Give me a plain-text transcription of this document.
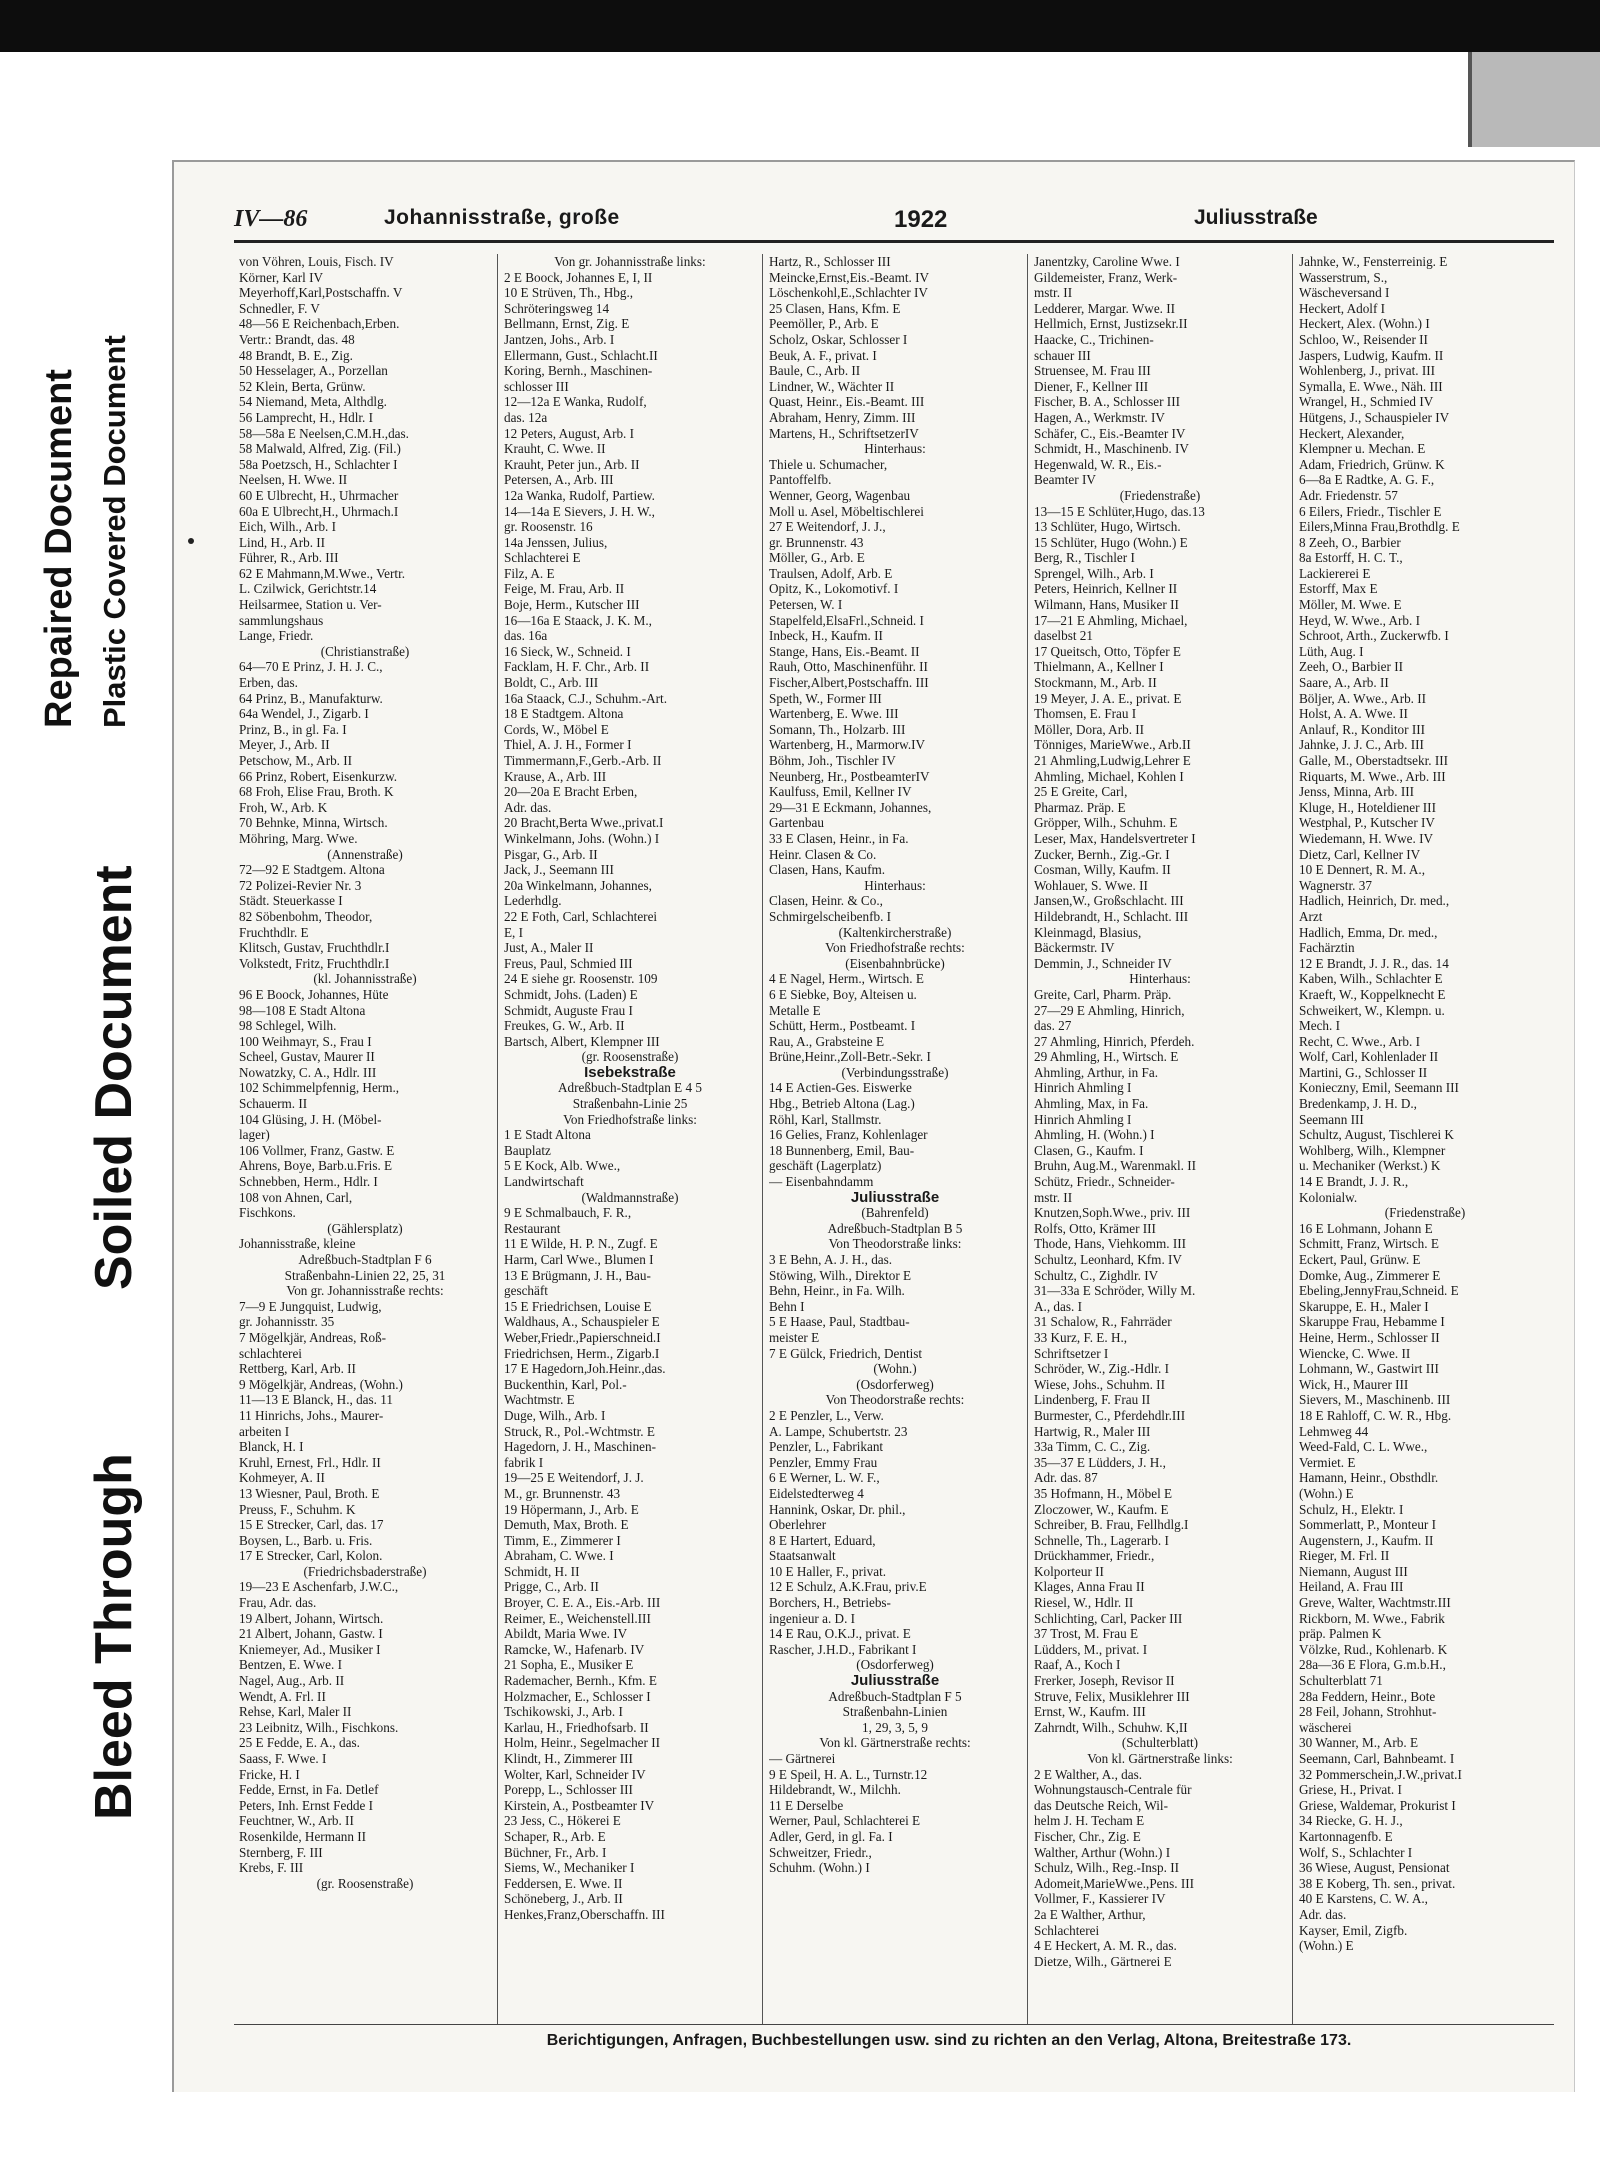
Repaired Document Plastic Covered Document
Soiled Document
Bleed Through
IV—86	Johannisstraße, große	1922	Juliusstraße
von Vöhren, Louis, Fisch. IV
Körner, Karl IV
Meyerhoff,Karl,Postschaffn. V
Schnedler, F. V
48—56 E Reichenbach,Erben.
Vertr.: Brandt, das. 48
48 Brandt, B. E., Zig.
50 Hesselager, A., Porzellan
52 Klein, Berta, Grünw.
54 Niemand, Meta, Althdlg.
56 Lamprecht, H., Hdlr. I
58—58a E Neelsen,C.M.H.,das.
58 Malwald, Alfred, Zig. (Fil.)
58a Poetzsch, H., Schlachter I
Neelsen, H. Wwe. II
60 E Ulbrecht, H., Uhrmacher
60a E Ulbrecht,H., Uhrmach.I
Eich, Wilh., Arb. I
Lind, H., Arb. II
Führer, R., Arb. III
62 E Mahmann,M.Wwe., Vertr.
L. Czilwick, Gerichtstr.14
Heilsarmee, Station u. Ver-
sammlungshaus
Lange, Friedr.
(Christianstraße)
64—70 E Prinz, J. H. J. C.,
Erben, das.
64 Prinz, B., Manufakturw.
64a Wendel, J., Zigarb. I
Prinz, B., in gl. Fa. I
Meyer, J., Arb. II
Petschow, M., Arb. II
66 Prinz, Robert, Eisenkurzw.
68 Froh, Elise Frau, Broth. K
Froh, W., Arb. K
70 Behnke, Minna, Wirtsch.
Möhring, Marg. Wwe.
(Annenstraße)
72—92 E Stadtgem. Altona
72 Polizei-Revier Nr. 3
Städt. Steuerkasse I
82 Söbenbohm, Theodor,
Fruchthdlr. E
Klitsch, Gustav, Fruchthdlr.I
Volkstedt, Fritz, Fruchthdlr.I
(kl. Johannisstraße)
96 E Boock, Johannes, Hüte
98—108 E Stadt Altona
98 Schlegel, Wilh.
100 Weihmayr, S., Frau I
Scheel, Gustav, Maurer II
Nowatzky, C. A., Hdlr. III
102 Schimmelpfennig, Herm.,
Schauerm. II
104 Glüsing, J. H. (Möbel-
lager)
106 Vollmer, Franz, Gastw. E
Ahrens, Boye, Barb.u.Fris. E
Schnebben, Herm., Hdlr. I
108 von Ahnen, Carl,
Fischkons.
(Gählersplatz)
Johannisstraße, kleine
Adreßbuch-Stadtplan F 6
Straßenbahn-Linien 22, 25, 31
Von gr. Johannisstraße rechts:
7—9 E Jungquist, Ludwig,
gr. Johannisstr. 35
7 Mögelkjär, Andreas, Roß-
schlachterei
Rettberg, Karl, Arb. II
9 Mögelkjär, Andreas, (Wohn.)
11—13 E Blanck, H., das. 11
11 Hinrichs, Johs., Maurer-
arbeiten I
Blanck, H. I
Kruhl, Ernest, Frl., Hdlr. II
Kohmeyer, A. II
13 Wiesner, Paul, Broth. E
Preuss, F., Schuhm. K
15 E Strecker, Carl, das. 17
Boysen, L., Barb. u. Fris.
17 E Strecker, Carl, Kolon.
(Friedrichsbaderstraße)
19—23 E Aschenfarb, J.W.C.,
Frau, Adr. das.
19 Albert, Johann, Wirtsch.
21 Albert, Johann, Gastw. I
Kniemeyer, Ad., Musiker I
Bentzen, E. Wwe. I
Nagel, Aug., Arb. II
Wendt, A. Frl. II
Rehse, Karl, Maler II
23 Leibnitz, Wilh., Fischkons.
25 E Fedde, E. A., das.
Saass, F. Wwe. I
Fricke, H. I
Fedde, Ernst, in Fa. Detlef
Peters, Inh. Ernst Fedde I
Feuchtner, W., Arb. II
Rosenkilde, Hermann II
Sternberg, F. III
Krebs, F. III
(gr. Roosenstraße)
Von gr. Johannisstraße links:
2 E Boock, Johannes E, I, II
10 E Strüven, Th., Hbg.,
Schröteringsweg 14
Bellmann, Ernst, Zig. E
Jantzen, Johs., Arb. I
Ellermann, Gust., Schlacht.II
Koring, Bernh., Maschinen-
schlosser III
12—12a E Wanka, Rudolf,
das. 12a
12 Peters, August, Arb. I
Krauht, C. Wwe. II
Krauht, Peter jun., Arb. II
Petersen, A., Arb. III
12a Wanka, Rudolf, Partiew.
14—14a E Sievers, J. H. W.,
gr. Roosenstr. 16
14a Jenssen, Julius,
Schlachterei E
Filz, A. E
Feige, M. Frau, Arb. II
Boje, Herm., Kutscher III
16—16a E Staack, J. K. M.,
das. 16a
16 Sieck, W., Schneid. I
Facklam, H. F. Chr., Arb. II
Boldt, C., Arb. III
16a Staack, C.J., Schuhm.-Art.
18 E Stadtgem. Altona
Cords, W., Möbel E
Thiel, A. J. H., Former I
Timmermann,F.,Gerb.-Arb. II
Krause, A., Arb. III
20—20a E Bracht Erben,
Adr. das.
20 Bracht,Berta Wwe.,privat.I
Winkelmann, Johs. (Wohn.) I
Pisgar, G., Arb. II
Jack, J., Seemann III
20a Winkelmann, Johannes,
Lederhdlg.
22 E Foth, Carl, Schlachterei
E, I
Just, A., Maler II
Freus, Paul, Schmied III
24 E siehe gr. Roosenstr. 109
Schmidt, Johs. (Laden) E
Schmidt, Auguste Frau I
Freukes, G. W., Arb. II
Bartsch, Albert, Klempner III
(gr. Roosenstraße)
Isebekstraße
Adreßbuch-Stadtplan E 4 5
Straßenbahn-Linie 25
Von Friedhofstraße links:
1 E Stadt Altona
Bauplatz
5 E Kock, Alb. Wwe.,
Landwirtschaft
(Waldmannstraße)
9 E Schmalbauch, F. R.,
Restaurant
11 E Wilde, H. P. N., Zugf. E
Harm, Carl Wwe., Blumen I
13 E Brügmann, J. H., Bau-
geschäft
15 E Friedrichsen, Louise E
Waldhaus, A., Schauspieler E
Weber,Friedr.,Papierschneid.I
Friedrichsen, Herm., Zigarb.I
17 E Hagedorn,Joh.Heinr.,das.
Buckenthin, Karl, Pol.-
Wachtmstr. E
Duge, Wilh., Arb. I
Struck, R., Pol.-Wchtmstr. E
Hagedorn, J. H., Maschinen-
fabrik I
19—25 E Weitendorf, J. J.
M., gr. Brunnenstr. 43
19 Höpermann, J., Arb. E
Demuth, Max, Broth. E
Timm, E., Zimmerer I
Abraham, C. Wwe. I
Schmidt, H. II
Prigge, C., Arb. II
Broyer, C. E. A., Eis.-Arb. III
Reimer, E., Weichenstell.III
Abildt, Maria Wwe. IV
Ramcke, W., Hafenarb. IV
21 Sopha, E., Musiker E
Rademacher, Bernh., Kfm. E
Holzmacher, E., Schlosser I
Tschikowski, J., Arb. I
Karlau, H., Friedhofsarb. II
Holm, Heinr., Segelmacher II
Klindt, H., Zimmerer III
Wolter, Karl, Schneider IV
Porepp, L., Schlosser III
Kirstein, A., Postbeamter IV
23 Jess, C., Hökerei E
Schaper, R., Arb. E
Büchner, Fr., Arb. I
Siems, W., Mechaniker I
Feddersen, E. Wwe. II
Schöneberg, J., Arb. II
Henkes,Franz,Oberschaffn. III
Hartz, R., Schlosser III
Meincke,Ernst,Eis.-Beamt. IV
Löschenkohl,E.,Schlachter IV
25 Clasen, Hans, Kfm. E
Peemöller, P., Arb. E
Scholz, Oskar, Schlosser I
Beuk, A. F., privat. I
Baule, C., Arb. II
Lindner, W., Wächter II
Quast, Heinr., Eis.-Beamt. III
Abraham, Henry, Zimm. III
Martens, H., SchriftsetzerIV
Hinterhaus:
Thiele u. Schumacher,
Pantoffelfb.
Wenner, Georg, Wagenbau
Moll u. Asel, Möbeltischlerei
27 E Weitendorf, J. J.,
gr. Brunnenstr. 43
Möller, G., Arb. E
Traulsen, Adolf, Arb. E
Opitz, K., Lokomotivf. I
Petersen, W. I
Stapelfeld,ElsaFrl.,Schneid. I
Inbeck, H., Kaufm. II
Stange, Hans, Eis.-Beamt. II
Rauh, Otto, Maschinenführ. II
Fischer,Albert,Postschaffn. III
Speth, W., Former III
Wartenberg, E. Wwe. III
Somann, Th., Holzarb. III
Wartenberg, H., Marmorw.IV
Böhm, Joh., Tischler IV
Neunberg, Hr., PostbeamterIV
Kaulfuss, Emil, Kellner IV
29—31 E Eckmann, Johannes,
Gartenbau
33 E Clasen, Heinr., in Fa.
Heinr. Clasen & Co.
Clasen, Hans, Kaufm.
Hinterhaus:
Clasen, Heinr. & Co.,
Schmirgelscheibenfb. I
(Kaltenkircherstraße)
Von Friedhofstraße rechts:
(Eisenbahnbrücke)
4 E Nagel, Herm., Wirtsch. E
6 E Siebke, Boy, Alteisen u.
Metalle E
Schütt, Herm., Postbeamt. I
Rau, A., Grabsteine E
Brüne,Heinr.,Zoll-Betr.-Sekr. I
(Verbindungsstraße)
14 E Actien-Ges. Eiswerke
Hbg., Betrieb Altona (Lag.)
Röhl, Karl, Stallmstr.
16 Gelies, Franz, Kohlenlager
18 Bunnenberg, Emil, Bau-
geschäft (Lagerplatz)
— Eisenbahndamm
Juliusstraße
(Bahrenfeld)
Adreßbuch-Stadtplan B 5
Von Theodorstraße links:
3 E Behn, A. J. H., das.
Stöwing, Wilh., Direktor E
Behn, Heinr., in Fa. Wilh.
Behn I
5 E Haase, Paul, Stadtbau-
meister E
7 E Gülck, Friedrich, Dentist
(Wohn.)
(Osdorferweg)
Von Theodorstraße rechts:
2 E Penzler, L., Verw.
A. Lampe, Schubertstr. 23
Penzler, L., Fabrikant
Penzler, Emmy Frau
6 E Werner, L. W. F.,
Eidelstedterweg 4
Hannink, Oskar, Dr. phil.,
Oberlehrer
8 E Hartert, Eduard,
Staatsanwalt
10 E Haller, F., privat.
12 E Schulz, A.K.Frau, priv.E
Borchers, H., Betriebs-
ingenieur a. D. I
14 E Rau, O.K.J., privat. E
Rascher, J.H.D., Fabrikant I
(Osdorferweg)
Juliusstraße
Adreßbuch-Stadtplan F 5
Straßenbahn-Linien
1, 29, 3, 5, 9
Von kl. Gärtnerstraße rechts:
— Gärtnerei
9 E Speil, H. A. L., Turnstr.12
Hildebrandt, W., Milchh.
11 E Derselbe
Werner, Paul, Schlachterei E
Adler, Gerd, in gl. Fa. I
Schweitzer, Friedr.,
Schuhm. (Wohn.) I
Janentzky, Caroline Wwe. I
Gildemeister, Franz, Werk-
mstr. II
Ledderer, Margar. Wwe. II
Hellmich, Ernst, Justizsekr.II
Haacke, C., Trichinen-
schauer III
Struensee, M. Frau III
Diener, F., Kellner III
Fischer, B. A., Schlosser III
Hagen, A., Werkmstr. IV
Schäfer, C., Eis.-Beamter IV
Schmidt, H., Maschinenb. IV
Hegenwald, W. R., Eis.-
Beamter IV
(Friedenstraße)
13—15 E Schlüter,Hugo, das.13
13 Schlüter, Hugo, Wirtsch.
15 Schlüter, Hugo (Wohn.) E
Berg, R., Tischler I
Sprengel, Wilh., Arb. I
Peters, Heinrich, Kellner II
Wilmann, Hans, Musiker II
17—21 E Ahmling, Michael,
daselbst 21
17 Queitsch, Otto, Töpfer E
Thielmann, A., Kellner I
Stockmann, M., Arb. II
19 Meyer, J. A. E., privat. E
Thomsen, E. Frau I
Möller, Dora, Arb. II
Tönniges, MarieWwe., Arb.II
21 Ahmling,Ludwig,Lehrer E
Ahmling, Michael, Kohlen I
25 E Greite, Carl,
Pharmaz. Präp. E
Gröpper, Wilh., Schuhm. E
Leser, Max, Handelsvertreter I
Zucker, Bernh., Zig.-Gr. I
Cosman, Willy, Kaufm. II
Wohlauer, S. Wwe. II
Jansen,W., Großschlacht. III
Hildebrandt, H., Schlacht. III
Kleinmagd, Blasius,
Bäckermstr. IV
Demmin, J., Schneider IV
Hinterhaus:
Greite, Carl, Pharm. Präp.
27—29 E Ahmling, Hinrich,
das. 27
27 Ahmling, Hinrich, Pferdeh.
29 Ahmling, H., Wirtsch. E
Ahmling, Arthur, in Fa.
Hinrich Ahmling I
Ahmling, Max, in Fa.
Hinrich Ahmling I
Ahmling, H. (Wohn.) I
Clasen, G., Kaufm. I
Bruhn, Aug.M., Warenmakl. II
Schütz, Friedr., Schneider-
mstr. II
Knutzen,Soph.Wwe., priv. III
Rolfs, Otto, Krämer III
Thode, Hans, Viehkomm. III
Schultz, Leonhard, Kfm. IV
Schultz, C., Zighdlr. IV
31—33a E Schröder, Willy M.
A., das. I
31 Schalow, R., Fahrräder
33 Kurz, F. E. H.,
Schriftsetzer I
Schröder, W., Zig.-Hdlr. I
Wiese, Johs., Schuhm. II
Lindenberg, F. Frau II
Burmester, C., Pferdehdlr.III
Hartwig, R., Maler III
33a Timm, C. C., Zig.
35—37 E Lüdders, J. H.,
Adr. das. 87
35 Hofmann, H., Möbel E
Zloczower, W., Kaufm. E
Schreiber, B. Frau, Fellhdlg.I
Schnelle, Th., Lagerarb. I
Drückhammer, Friedr.,
Kolporteur II
Klages, Anna Frau II
Riesel, W., Hdlr. II
Schlichting, Carl, Packer III
37 Trost, M. Frau E
Lüdders, M., privat. I
Raaf, A., Koch I
Frerker, Joseph, Revisor II
Struve, Felix, Musiklehrer III
Ernst, W., Kaufm. III
Zahrndt, Wilh., Schuhw. K,II
(Schulterblatt)
Von kl. Gärtnerstraße links:
2 E Walther, A., das.
Wohnungstausch-Centrale für
das Deutsche Reich, Wil-
helm J. H. Techam E
Fischer, Chr., Zig. E
Walther, Arthur (Wohn.) I
Schulz, Wilh., Reg.-Insp. II
Adomeit,MarieWwe.,Pens. III
Vollmer, F., Kassierer IV
2a E Walther, Arthur,
Schlachterei
4 E Heckert, A. M. R., das.
Dietze, Wilh., Gärtnerei E
Jahnke, W., Fensterreinig. E
Wasserstrum, S.,
Wäscheversand I
Heckert, Adolf I
Heckert, Alex. (Wohn.) I
Schloo, W., Reisender II
Jaspers, Ludwig, Kaufm. II
Wohlenberg, J., privat. III
Symalla, E. Wwe., Näh. III
Wrangel, H., Schmied IV
Hütgens, J., Schauspieler IV
Heckert, Alexander,
Klempner u. Mechan. E
Adam, Friedrich, Grünw. K
6—8a E Radtke, A. G. F.,
Adr. Friedenstr. 57
6 Eilers, Friedr., Tischler E
Eilers,Minna Frau,Brothdlg. E
8 Zeeh, O., Barbier
8a Estorff, H. C. T.,
Lackiererei E
Estorff, Max E
Möller, M. Wwe. E
Heyd, W. Wwe., Arb. I
Schroot, Arth., Zuckerwfb. I
Lüth, Aug. I
Zeeh, O., Barbier II
Saare, A., Arb. II
Böljer, A. Wwe., Arb. II
Holst, A. A. Wwe. II
Anlauf, R., Konditor III
Jahnke, J. J. C., Arb. III
Galle, M., Oberstadtsekr. III
Riquarts, M. Wwe., Arb. III
Jenss, Minna, Arb. III
Kluge, H., Hoteldiener III
Westphal, P., Kutscher IV
Wiedemann, H. Wwe. IV
Dietz, Carl, Kellner IV
10 E Dennert, R. M. A.,
Wagnerstr. 37
Hadlich, Heinrich, Dr. med.,
Arzt
Hadlich, Emma, Dr. med.,
Fachärztin
12 E Brandt, J. J. R., das. 14
Kaben, Wilh., Schlachter E
Kraeft, W., Koppelknecht E
Schweikert, W., Klempn. u.
Mech. I
Recht, C. Wwe., Arb. I
Wolf, Carl, Kohlenlader II
Martini, G., Schlosser II
Konieczny, Emil, Seemann III
Bredenkamp, J. H. D.,
Seemann III
Schultz, August, Tischlerei K
Wohlberg, Wilh., Klempner
u. Mechaniker (Werkst.) K
14 E Brandt, J. J. R.,
Kolonialw.
(Friedenstraße)
16 E Lohmann, Johann E
Schmitt, Franz, Wirtsch. E
Eckert, Paul, Grünw. E
Domke, Aug., Zimmerer E
Ebeling,JennyFrau,Schneid. E
Skaruppe, E. H., Maler I
Skaruppe Frau, Hebamme I
Heine, Herm., Schlosser II
Wiencke, C. Wwe. II
Lohmann, W., Gastwirt III
Wick, H., Maurer III
Sievers, M., Maschinenb. III
18 E Rahloff, C. W. R., Hbg.
Lehmweg 44
Weed-Fald, C. L. Wwe.,
Vermiet. E
Hamann, Heinr., Obsthdlr.
(Wohn.) E
Schulz, H., Elektr. I
Sommerlatt, P., Monteur I
Augenstern, J., Kaufm. II
Rieger, M. Frl. II
Niemann, August III
Heiland, A. Frau III
Greve, Walter, Wachtmstr.III
Rickborn, M. Wwe., Fabrik
präp. Palmen K
Völzke, Rud., Kohlenarb. K
28a—36 E Flora, G.m.b.H.,
Schulterblatt 71
28a Feddern, Heinr., Bote
28 Feil, Johann, Strohhut-
wäscherei
30 Wanner, M., Arb. E
Seemann, Carl, Bahnbeamt. I
32 Pommerschein,J.W.,privat.I
Griese, H., Privat. I
Griese, Waldemar, Prokurist I
34 Riecke, G. H. J.,
Kartonnagenfb. E
Wolf, S., Schlachter I
36 Wiese, August, Pensionat
38 E Koberg, Th. sen., privat.
40 E Karstens, C. W. A.,
Adr. das.
Kayser, Emil, Zigfb.
(Wohn.) E
Berichtigungen, Anfragen, Buchbestellungen usw. sind zu richten an den Verlag, Altona, Breitestraße 173.
